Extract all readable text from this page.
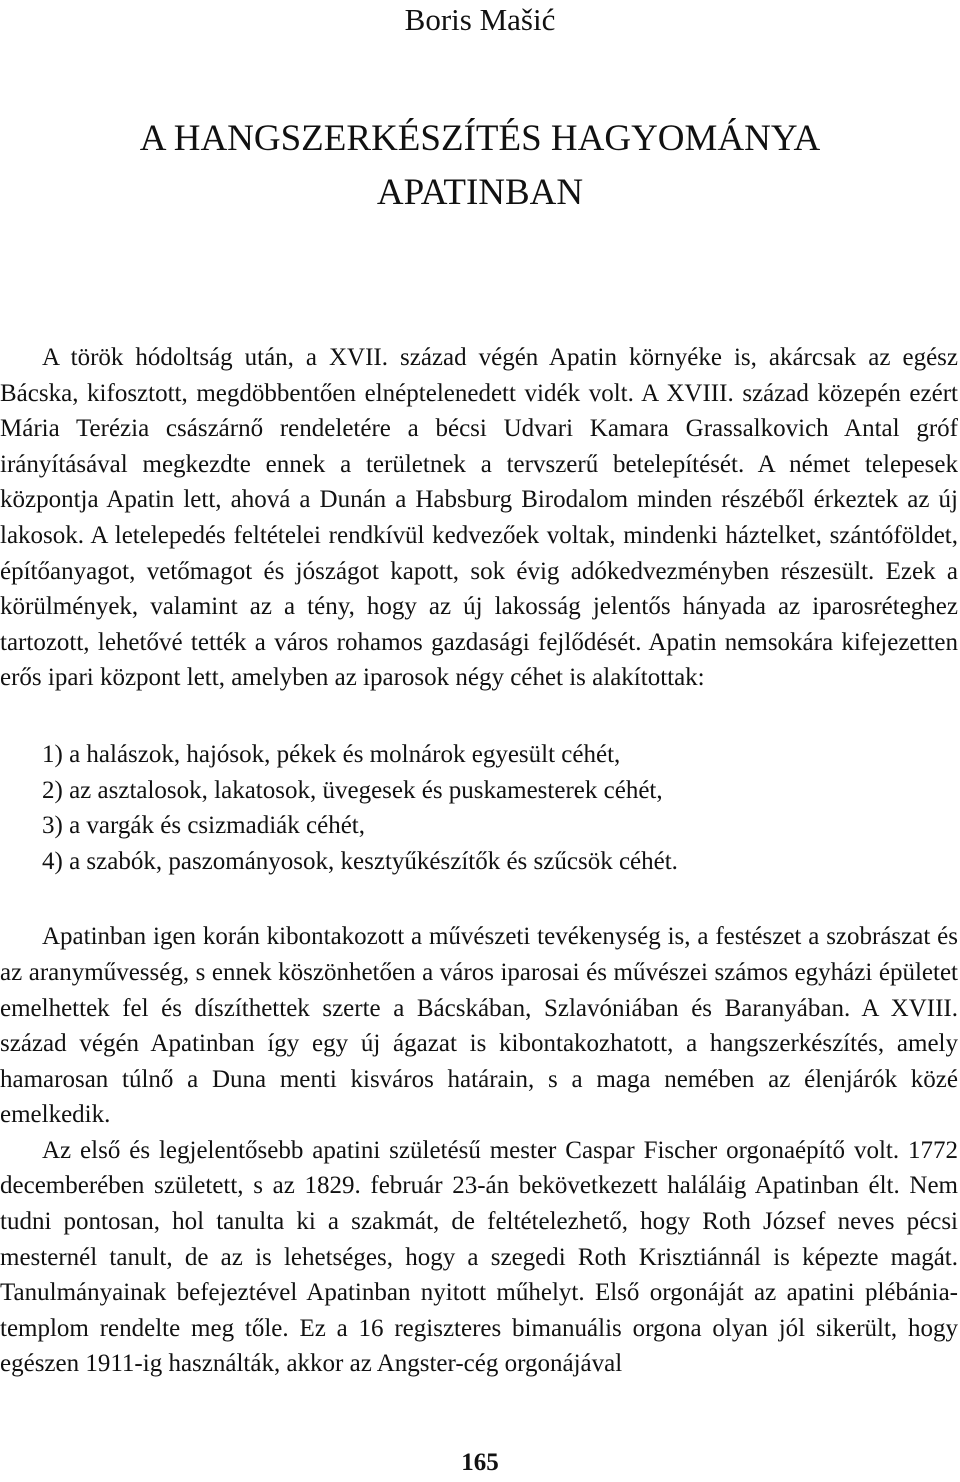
Boris Mašić
A HANGSZERKÉSZÍTÉS HAGYOMÁNYA
APATINBAN

A török hódoltság után, a XVII. század végén Apatin környéke is, akárcsak az egész Bácska, kifosztott, megdöbbentően elnéptelenedett vidék volt. A XVIII. század közepén ezért Mária Terézia császárnő rendeletére a bécsi Udvari Kamara Grassalkovich Antal gróf irányításával megkezdte ennek a területnek a tervszerű betelepítését. A német telepesek központja Apatin lett, ahová a Dunán a Habsburg Birodalom minden részéből érkeztek az új lakosok. A letelepedés feltételei rendkívül kedvezőek voltak, mindenki háztelket, szántóföldet, építőanyagot, vetőmagot és jószágot kapott, sok évig adókedvezményben részesült. Ezek a körülmények, valamint az a tény, hogy az új lakosság jelentős hányada az iparosréteghez tartozott, lehetővé tették a város rohamos gazdasági fejlődését. Apatin nemsokára kifejezetten erős ipari központ lett, amelyben az iparosok négy céhet is alakítottak:

1) a halászok, hajósok, pékek és molnárok egyesült céhét,
2) az asztalosok, lakatosok, üvegesek és puskamesterek céhét,
3) a vargák és csizmadiák céhét,
4) a szabók, paszományosok, kesztyűkészítők és szűcsök céhét.

Apatinban igen korán kibontakozott a művészeti tevékenység is, a festészet a szobrászat és az aranyművesség, s ennek köszönhetően a város iparosai és művészei számos egyházi épületet emelhettek fel és díszíthettek szerte a Bácskában, Szlavóniában és Baranyában. A XVIII. század végén Apatinban így egy új ágazat is kibontakozhatott, a hangszerkészítés, amely hamarosan túlnő a Duna menti kisváros határain, s a maga nemében az élenjárók közé emelkedik.

Az első és legjelentősebb apatini születésű mester Caspar Fischer orgonaépítő volt. 1772 decemberében született, s az 1829. február 23-án bekövetkezett haláláig Apatinban élt. Nem tudni pontosan, hol tanulta ki a szakmát, de feltételezhető, hogy Roth József neves pécsi mesternél tanult, de az is lehetséges, hogy a szegedi Roth Krisztiánnál is képezte magát. Tanulmányainak befejeztével Apatinban nyitott műhelyt. Első orgonáját az apatini plébániatemplom rendelte meg tőle. Ez a 16 regiszteres bimanuális orgona olyan jól sikerült, hogy egészen 1911-ig használták, akkor az Angster-cég orgonájával

165
